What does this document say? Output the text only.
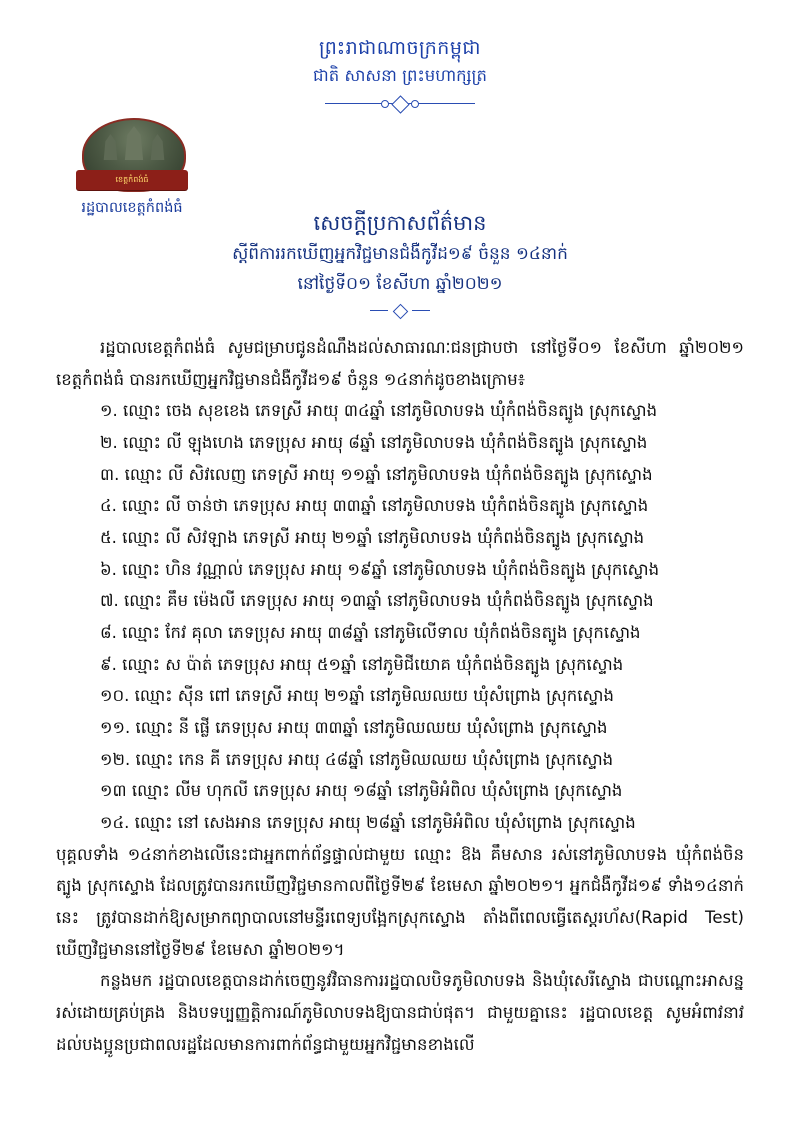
ព្រះរាជាណាចក្រកម្ពុជា
ជាតិ សាសនា ព្រះមហាក្សត្រ
ខេត្តកំពង់ធំ
រដ្ឋបាលខេត្តកំពង់ធំ
សេចក្តីប្រកាសព័ត៌មាន
ស្តីពីការរកឃើញអ្នកវិជ្ជមានជំងឺកូវីដ១៩ ចំនួន ១៤នាក់
នៅថ្ងៃទី០១ ខែសីហា ឆ្នាំ២០២១

រដ្ឋបាលខេត្តកំពង់ធំ សូមជម្រាបជូនដំណឹងដល់សាធារណៈជនជ្រាបថា នៅថ្ងៃទី០១ ខែសីហា ឆ្នាំ២០២១ ខេត្តកំពង់ធំ បានរកឃើញអ្នកវិជ្ជមានជំងឺកូវីដ១៩ ចំនួន ១៤នាក់ដូចខាងក្រោម៖

១. ឈ្មោះ ចេង សុខខេង ភេទស្រី អាយុ ៣៤ឆ្នាំ នៅភូមិលាបទង ឃុំកំពង់ចិនត្បូង ស្រុកស្ទោង

២. ឈ្មោះ លី ឡុងហេង ភេទប្រុស អាយុ ៨ឆ្នាំ នៅភូមិលាបទង ឃុំកំពង់ចិនត្បូង ស្រុកស្ទោង

៣. ឈ្មោះ លី សិវលេញ ភេទស្រី អាយុ ១១ឆ្នាំ នៅភូមិលាបទង ឃុំកំពង់ចិនត្បូង ស្រុកស្ទោង

៤. ឈ្មោះ លី ចាន់ថា ភេទប្រុស អាយុ ៣៣ឆ្នាំ នៅភូមិលាបទង ឃុំកំពង់ចិនត្បូង ស្រុកស្ទោង

៥. ឈ្មោះ លី សិវឡាង ភេទស្រី អាយុ ២១ឆ្នាំ នៅភូមិលាបទង ឃុំកំពង់ចិនត្បូង ស្រុកស្ទោង

៦. ឈ្មោះ ហិន វណ្ណាល់ ភេទប្រុស អាយុ ១៩ឆ្នាំ នៅភូមិលាបទង ឃុំកំពង់ចិនត្បូង ស្រុកស្ទោង

៧. ឈ្មោះ គឹម ម៉េងលី ភេទប្រុស អាយុ ១៣ឆ្នាំ នៅភូមិលាបទង ឃុំកំពង់ចិនត្បូង ស្រុកស្ទោង

៨. ឈ្មោះ កែវ គុលា ភេទប្រុស អាយុ ៣៨ឆ្នាំ នៅភូមិលើទាល ឃុំកំពង់ចិនត្បូង ស្រុកស្ទោង

៩. ឈ្មោះ ស ប៉ាត់ ភេទប្រុស អាយុ ៥១ឆ្នាំ នៅភូមិជីយោគ ឃុំកំពង់ចិនត្បូង ស្រុកស្ទោង

១០. ឈ្មោះ ស៊ីន ពៅ ភេទស្រី អាយុ ២១ឆ្នាំ នៅភូមិឈឈយ ឃុំសំព្រោង ស្រុកស្ទោង

១១. ឈ្មោះ នី ផ្លើ ភេទប្រុស អាយុ ៣៣ឆ្នាំ នៅភូមិឈឈយ ឃុំសំព្រោង ស្រុកស្ទោង

១២. ឈ្មោះ កេន គី ភេទប្រុស អាយុ ៤៨ឆ្នាំ នៅភូមិឈឈយ ឃុំសំព្រោង ស្រុកស្ទោង

១៣ ឈ្មោះ លីម ហុកលី ភេទប្រុស អាយុ ១៨ឆ្នាំ នៅភូមិអំពិល ឃុំសំព្រោង ស្រុកស្ទោង

១៤. ឈ្មោះ នៅ សេងអាន ភេទប្រុស អាយុ ២៨ឆ្នាំ នៅភូមិអំពិល ឃុំសំព្រោង ស្រុកស្ទោង

បុគ្គលទាំង ១៤នាក់ខាងលើនេះជាអ្នកពាក់ព័ន្ធផ្ទាល់ជាមួយ ឈ្មោះ ឱង គឹមសាន រស់នៅភូមិលាបទង ឃុំកំពង់ចិនត្បូង ស្រុកស្ទោង ដែលត្រូវបានរកឃើញវិជ្ជមានកាលពីថ្ងៃទី២៩ ខែមេសា ឆ្នាំ២០២១។ អ្នកជំងឺកូវីដ១៩ ទាំង១៤នាក់នេះ ត្រូវបានដាក់ឱ្យសម្រាកព្យាបាលនៅមន្ទីរពេទ្យបង្អែកស្រុកស្ទោង តាំងពីពេលធ្វើតេស្តរហ័ស(Rapid Test) ឃើញវិជ្ជមាននៅថ្ងៃទី២៩ ខែមេសា ឆ្នាំ២០២១។

កន្លងមក រដ្ឋបាលខេត្តបានដាក់ចេញនូវវិធានការរដ្ឋបាលបិទភូមិលាបទង និងឃុំសេរីស្ទោង ជាបណ្ដោះអាសន្នរស់ដោយគ្រប់គ្រង និងបទប្បញ្ញត្តិការណ៍ភូមិលាបទងឱ្យបានជាប់ផុត។ ជាមួយគ្នានេះ រដ្ឋបាលខេត្ត សូមអំពាវនាវដល់បងប្អូនប្រជាពលរដ្ឋដែលមានការពាក់ព័ន្ធជាមួយអ្នកវិជ្ជមានខាងលើ
